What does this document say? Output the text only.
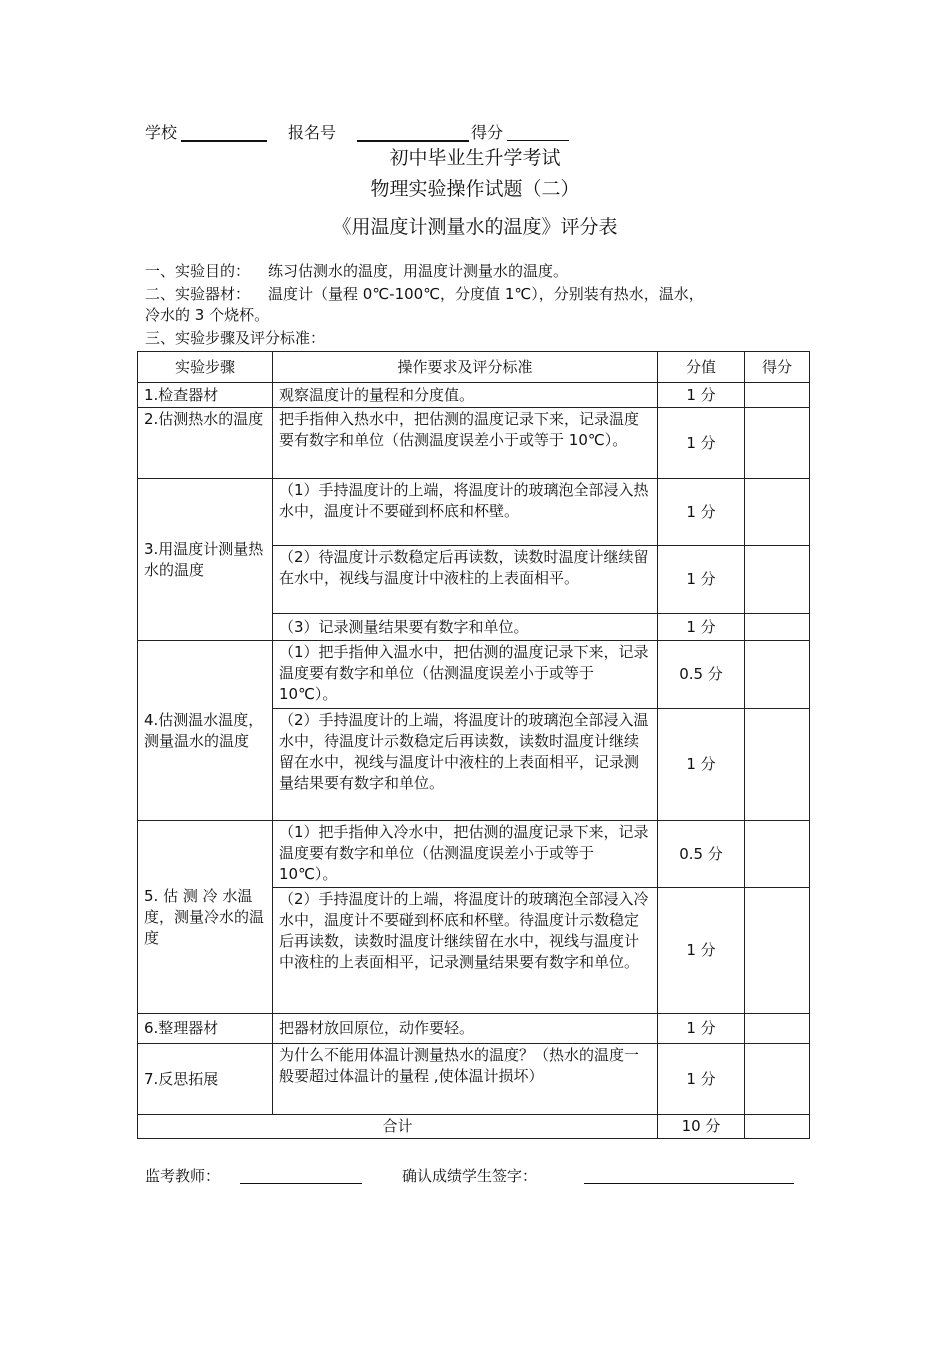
学校	报名号	得分
初中毕业生升学考试
物理实验操作试题（二）
《用温度计测量水的温度》评分表
一、实验目的： 练习估测水的温度，用温度计测量水的温度。
二、实验器材： 温度计（量程 0℃-100℃，分度值 1℃），分别装有热水，温水，
冷水的 3 个烧杯。
三、实验步骤及评分标准：
实验步骤	操作要求及评分标准	分值	得分
1.检查器材	观察温度计的量程和分度值。	1 分	
2.估测热水的温度	把手指伸入热水中，把估测的温度记录下来，记录温度要有数字和单位（估测温度误差小于或等于 10℃）。	1 分	
3.用温度计测量热水的温度	（1）手持温度计的上端，将温度计的玻璃泡全部浸入热水中，温度计不要碰到杯底和杯壁。	1 分	
	（2）待温度计示数稳定后再读数，读数时温度计继续留在水中，视线与温度计中液柱的上表面相平。	1 分	
	（3）记录测量结果要有数字和单位。	1 分	
4.估测温水温度，测量温水的温度	（1）把手指伸入温水中，把估测的温度记录下来，记录温度要有数字和单位（估测温度误差小于或等于 10℃）。	0.5 分	
	（2）手持温度计的上端，将温度计的玻璃泡全部浸入温水中，待温度计示数稳定后再读数，读数时温度计继续留在水中，视线与温度计中液柱的上表面相平，记录测量结果要有数字和单位。	1 分	
5. 估 测 冷 水温度，测量冷水的温度	（1）把手指伸入冷水中，把估测的温度记录下来，记录温度要有数字和单位（估测温度误差小于或等于 10℃）。	0.5 分	
	（2）手持温度计的上端，将温度计的玻璃泡全部浸入冷水中，温度计不要碰到杯底和杯壁。待温度计示数稳定后再读数，读数时温度计继续留在水中，视线与温度计中液柱的上表面相平，记录测量结果要有数字和单位。	1 分	
6.整理器材	把器材放回原位，动作要轻。	1 分	
7.反思拓展	为什么不能用体温计测量热水的温度？（热水的温度一般要超过体温计的量程 ,使体温计损坏）	1 分	
合计		10 分	
监考教师：	确认成绩学生签字：
